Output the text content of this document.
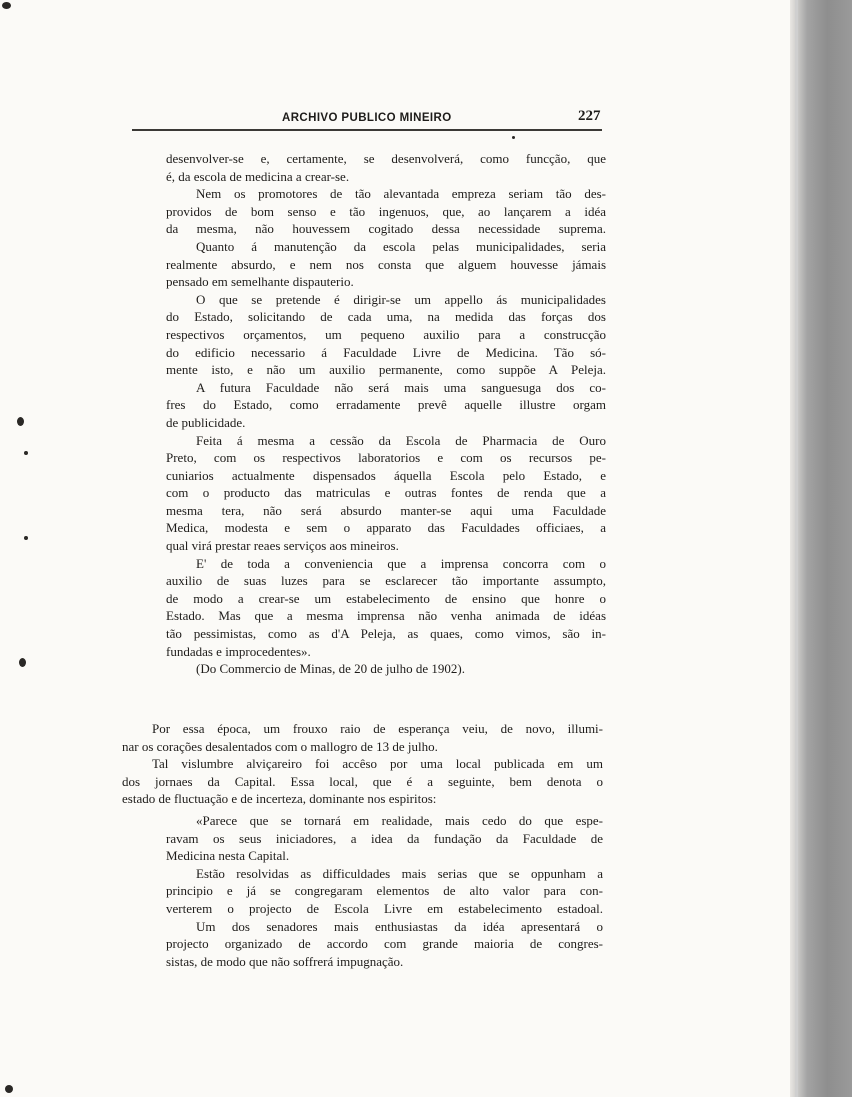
ARCHIVO PUBLICO MINEIRO	227
desenvolver-se e, certamente, se desenvolverá, como funcção, que
é, da escola de medicina a crear-se.
Nem os promotores de tão alevantada empreza seriam tão des-
providos de bom senso e tão ingenuos, que, ao lançarem a idéa
da mesma, não houvessem cogitado dessa necessidade suprema.
Quanto á manutenção da escola pelas municipalidades, seria
realmente absurdo, e nem nos consta que alguem houvesse jámais
pensado em semelhante dispauterio.
O que se pretende é dirigir-se um appello ás municipalidades
do Estado, solicitando de cada uma, na medida das forças dos
respectivos orçamentos, um pequeno auxilio para a construcção
do edificio necessario á Faculdade Livre de Medicina. Tão só-
mente isto, e não um auxilio permanente, como suppõe A Peleja.
A futura Faculdade não será mais uma sanguesuga dos co-
fres do Estado, como erradamente prevê aquelle illustre orgam
de publicidade.
Feita á mesma a cessão da Escola de Pharmacia de Ouro
Preto, com os respectivos laboratorios e com os recursos pe-
cuniarios actualmente dispensados áquella Escola pelo Estado, e
com o producto das matriculas e outras fontes de renda que a
mesma tera, não será absurdo manter-se aqui uma Faculdade
Medica, modesta e sem o apparato das Faculdades officiaes, a
qual virá prestar reaes serviços aos mineiros.
E' de toda a conveniencia que a imprensa concorra com o
auxilio de suas luzes para se esclarecer tão importante assumpto,
de modo a crear-se um estabelecimento de ensino que honre o
Estado. Mas que a mesma imprensa não venha animada de idéas
tão pessimistas, como as d'A Peleja, as quaes, como vimos, são in-
fundadas e improcedentes».
(Do Commercio de Minas, de 20 de julho de 1902).
Por essa época, um frouxo raio de esperança veiu, de novo, illumi-
nar os corações desalentados com o mallogro de 13 de julho.
Tal vislumbre alviçareiro foi accêso por uma local publicada em um
dos jornaes da Capital. Essa local, que é a seguinte, bem denota o
estado de fluctuação e de incerteza, dominante nos espiritos:
«Parece que se tornará em realidade, mais cedo do que espe-
ravam os seus iniciadores, a idea da fundação da Faculdade de
Medicina nesta Capital.
Estão resolvidas as difficuldades mais serias que se oppunham a
principio e já se congregaram elementos de alto valor para con-
verterem o projecto de Escola Livre em estabelecimento estadoal.
Um dos senadores mais enthusiastas da idéa apresentará o
projecto organizado de accordo com grande maioria de congres-
sistas, de modo que não soffrerá impugnação.
